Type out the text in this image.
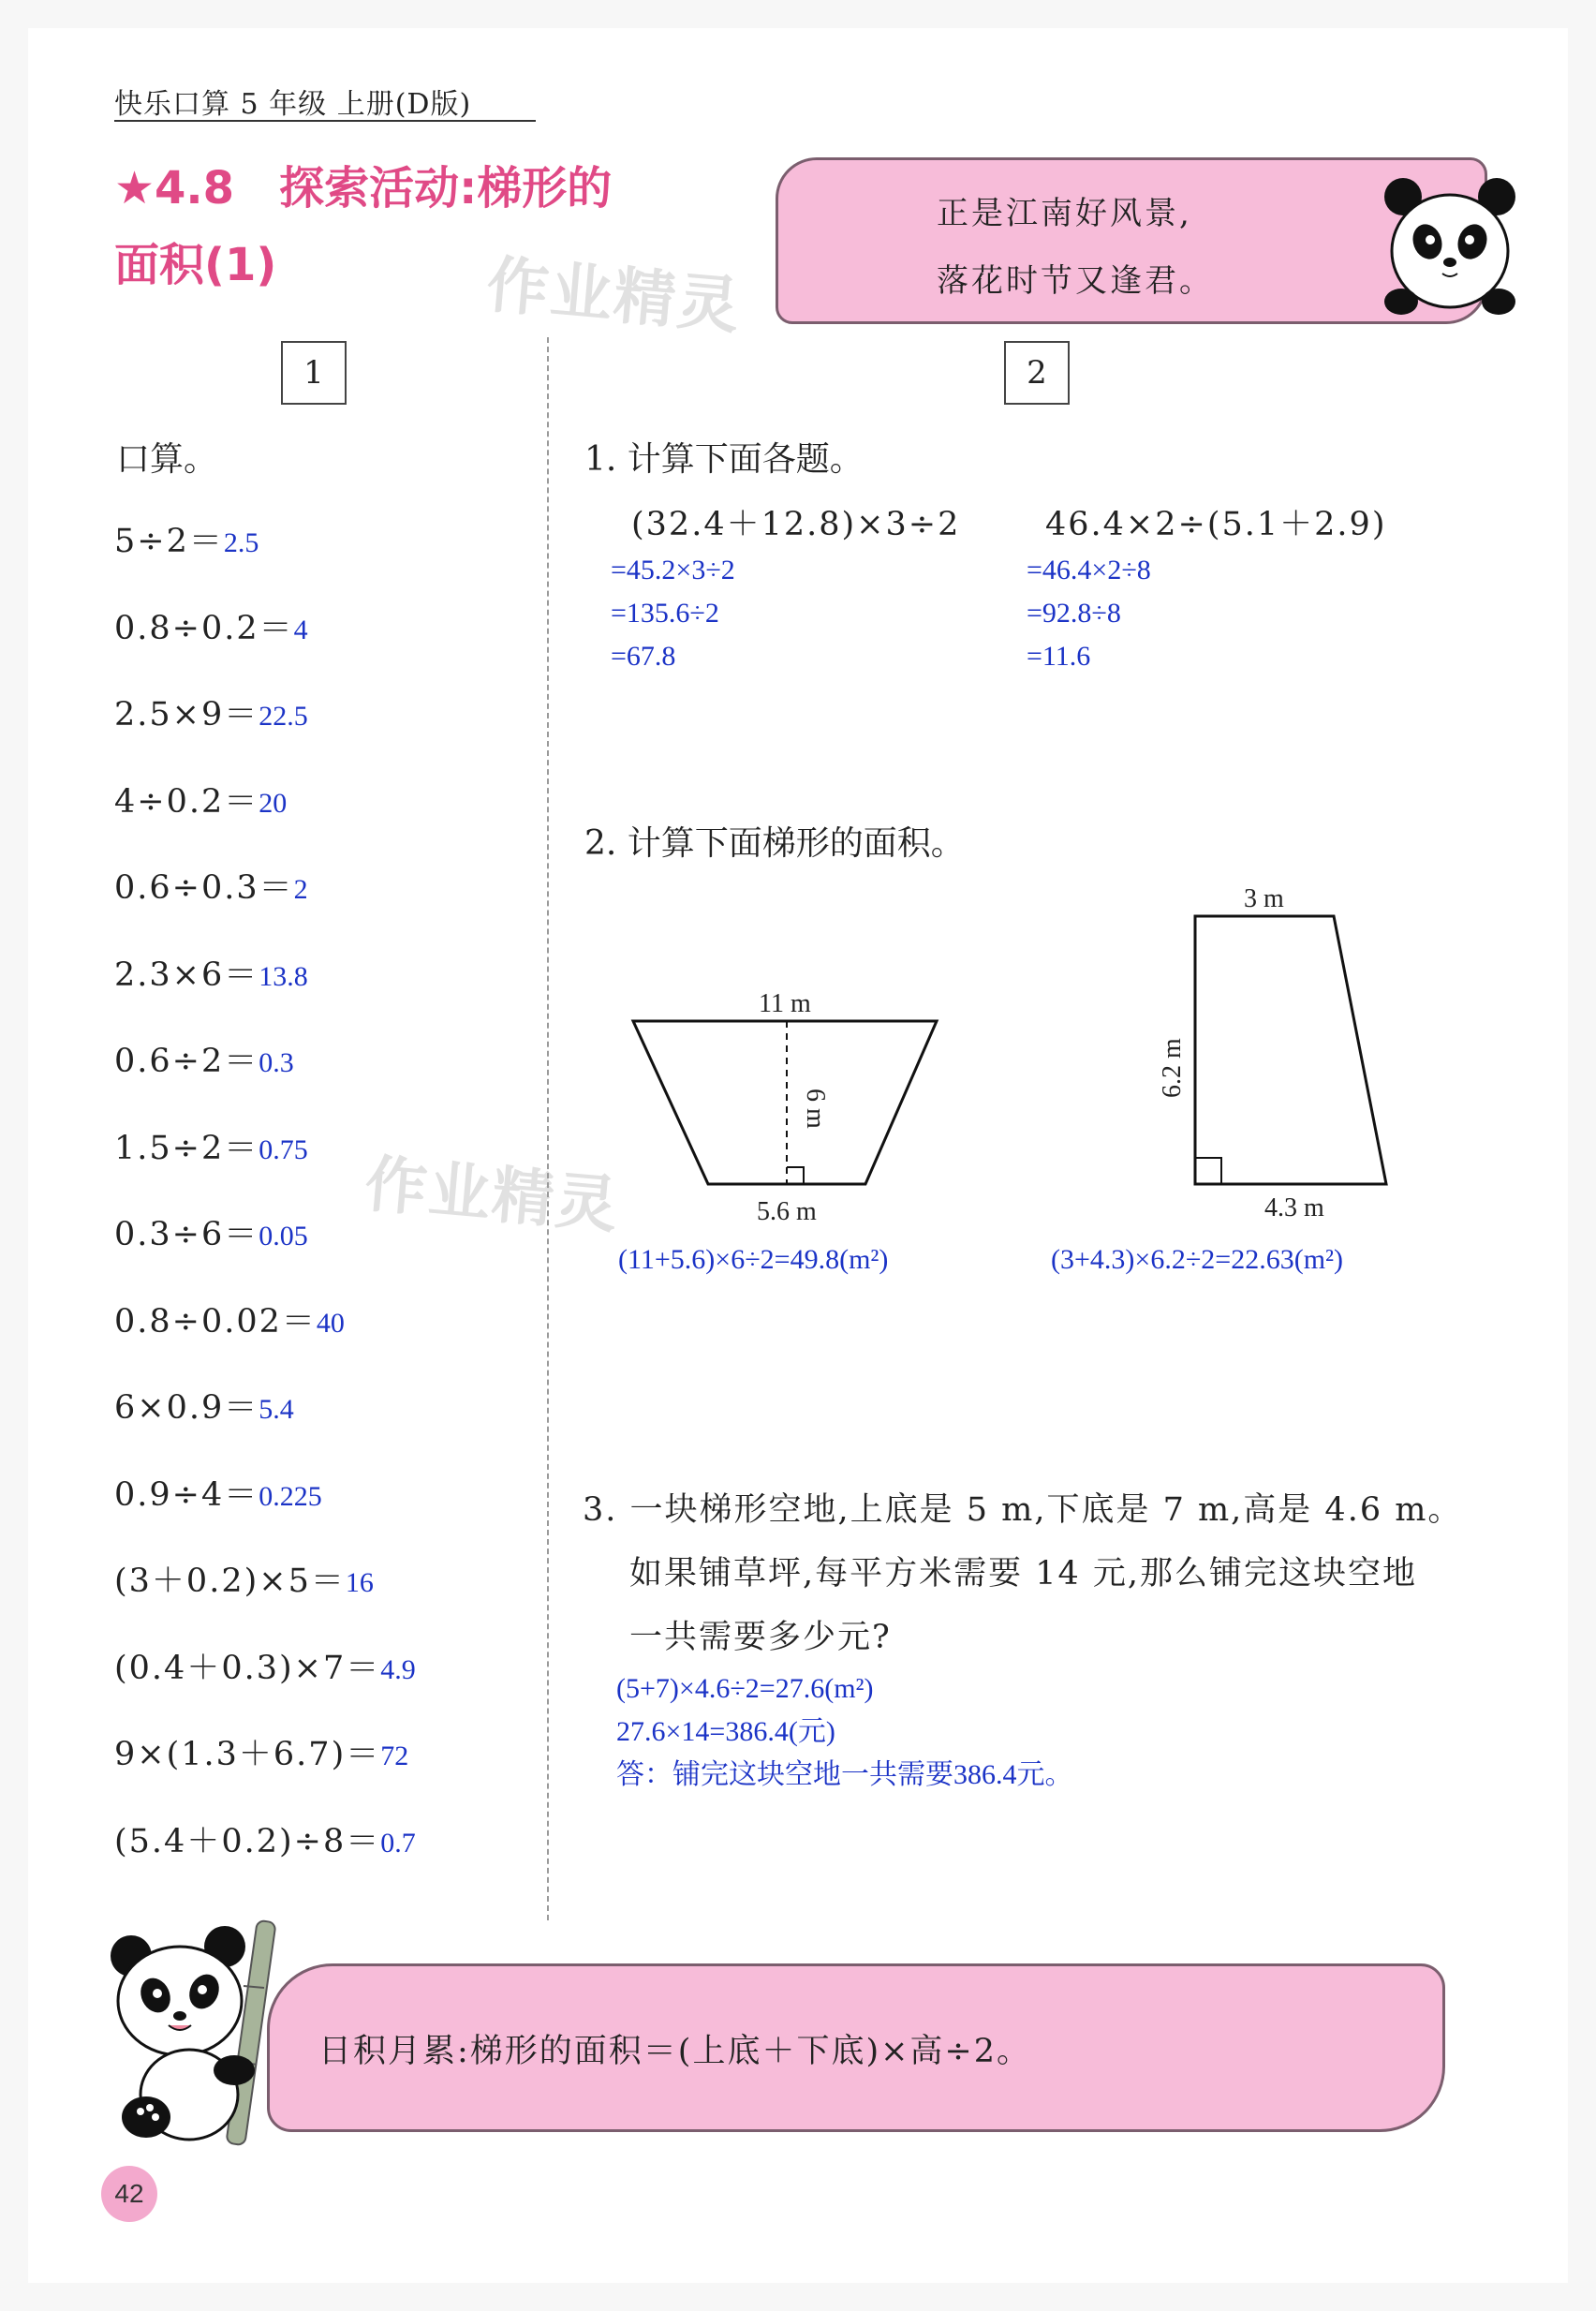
快乐口算 5 年级 上册(D版)
★4.8　探索活动:梯形的
面积(1)	作业精灵
作业精灵
正是江南好风景,
落花时节又逢君。
1	2
口算。
5÷2＝2.5
0.8÷0.2＝4
2.5×9＝22.5
4÷0.2＝20
0.6÷0.3＝2
2.3×6＝13.8
0.6÷2＝0.3
1.5÷2＝0.75
0.3÷6＝0.05
0.8÷0.02＝40
6×0.9＝5.4
0.9÷4＝0.225
(3＋0.2)×5＝16
(0.4＋0.3)×7＝4.9
9×(1.3＋6.7)＝72
(5.4＋0.2)÷8＝0.7
1. 计算下面各题。
(32.4＋12.8)×3÷2	46.4×2÷(5.1＋2.9)
=45.2×3÷2
=135.6÷2
=67.8
=46.4×2÷8
=92.8÷8
=11.6
2. 计算下面梯形的面积。
11 m
6 m
5.6 m
(11+5.6)×6÷2=49.8(m²)
3 m
6.2 m
4.3 m
(3+4.3)×6.2÷2=22.63(m²)
3. 一块梯形空地,上底是 5 m,下底是 7 m,高是 4.6 m。
如果铺草坪,每平方米需要 14 元,那么铺完这块空地
一共需要多少元?
(5+7)×4.6÷2=27.6(m²)
27.6×14=386.4(元)
答：铺完这块空地一共需要386.4元。
日积月累:梯形的面积＝(上底＋下底)×高÷2。
42
